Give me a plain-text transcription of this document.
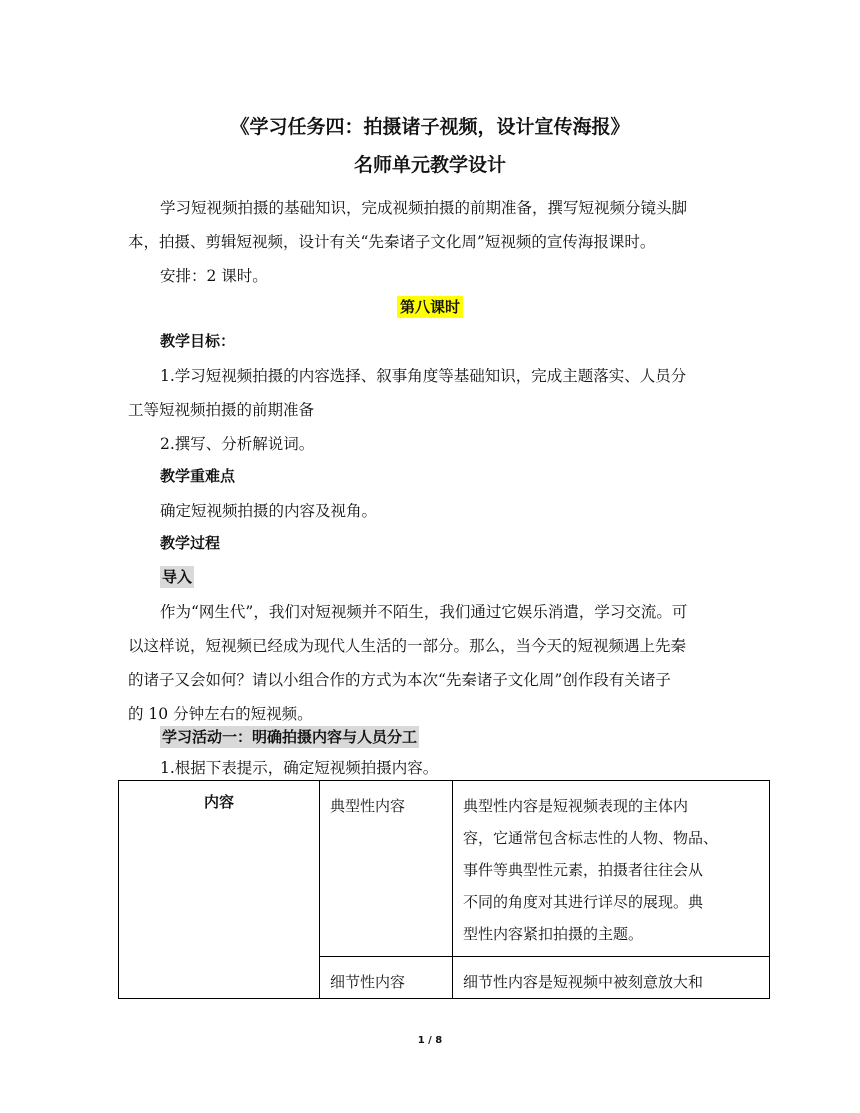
《学习任务四：拍摄诸子视频，设计宣传海报》
名师单元教学设计
学习短视频拍摄的基础知识，完成视频拍摄的前期准备，撰写短视频分镜头脚
本，拍摄、剪辑短视频，设计有关“先秦诸子文化周”短视频的宣传海报课时。
安排：2 课时。
第八课时
教学目标：
1.学习短视频拍摄的内容选择、叙事角度等基础知识，完成主题落实、人员分
工等短视频拍摄的前期准备
2.撰写、分析解说词。
教学重难点
确定短视频拍摄的内容及视角。
教学过程
导入
作为“网生代”，我们对短视频并不陌生，我们通过它娱乐消遣，学习交流。可
以这样说，短视频已经成为现代人生活的一部分。那么，当今天的短视频遇上先秦
的诸子又会如何？请以小组合作的方式为本次“先秦诸子文化周”创作段有关诸子
的 10 分钟左右的短视频。
学习活动一：明确拍摄内容与人员分工
1.根据下表提示，确定短视频拍摄内容。
内容	典型性内容	典型性内容是短视频表现的主体内
容，它通常包含标志性的人物、物品、
事件等典型性元素，拍摄者往往会从
不同的角度对其进行详尽的展现。典
型性内容紧扣拍摄的主题。

	细节性内容	细节性内容是短视频中被刻意放大和
1 / 8
